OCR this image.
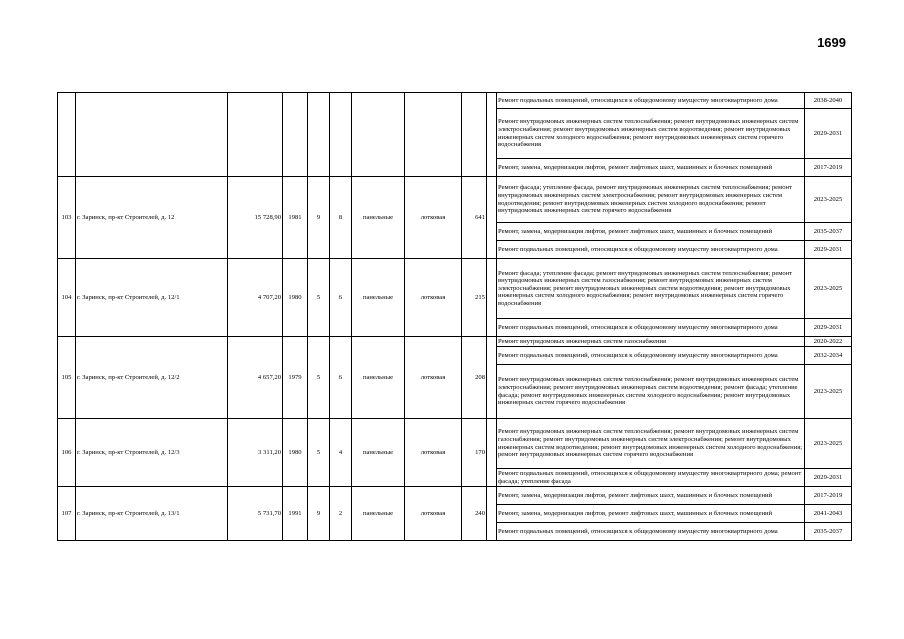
1699
										Ремонт подвальных помещений, относящихся к общедомовому имуществу многоквартирного дома	2038-2040
										Ремонт внутридомовых инженерных систем теплоснабжения; ремонт внутридомовых инженерных систем электроснабжения; ремонт внутридомовых инженерных систем водоотведения; ремонт внутридомовых инженерных систем холодного водоснабжения; ремонт внутридомовых инженерных систем горячего водоснабжения	2029-2031
										Ремонт, замена, модернизация лифтов, ремонт лифтовых шахт, машинных и блочных помещений	2017-2019
103	г. Заринск, пр-кт Строителей, д. 12	15 728,90	1981	9	8	панельные	лотковая	641		Ремонт фасада; утепление фасада, ремонт внутридомовых инженерных систем теплоснабжения; ремонт внутридомовых инженерных систем электроснабжения; ремонт внутридомовых инженерных систем водоотведения; ремонт внутридомовых инженерных систем холодного водоснабжения; ремонт внутридомовых инженерных систем горячего водоснабжения	2023-2025
										Ремонт, замена, модернизация лифтов, ремонт лифтовых шахт, машинных и блочных помещений	2035-2037
										Ремонт подвальных помещений, относящихся к общедомовому имуществу многоквартирного дома	2029-2031
104	г. Заринск, пр-кт Строителей, д. 12/1	4 707,20	1980	5	6	панельные	лотковая	215		Ремонт фасада; утепление фасада; ремонт внутридомовых инженерных систем теплоснабжения; ремонт внутридомовых инженерных систем газоснабжения; ремонт внутридомовых инженерных систем электроснабжения; ремонт внутридомовых инженерных систем водоотведения; ремонт внутридомовых инженерных систем холодного водоснабжения; ремонт внутридомовых инженерных систем горячего водоснабжения	2023-2025
										Ремонт подвальных помещений, относящихся к общедомовому имуществу многоквартирного дома	2029-2031
105	г. Заринск, пр-кт Строителей, д. 12/2	4 657,20	1979	5	6	панельные	лотковая	208		Ремонт внутридомовых инженерных систем газоснабжения	2020-2022
										Ремонт подвальных помещений, относящихся к общедомовому имуществу многоквартирного дома	2032-2034
										Ремонт внутридомовых инженерных систем теплоснабжения; ремонт внутридомовых инженерных систем электроснабжения; ремонт внутридомовых инженерных систем водоотведения; ремонт фасада; утепление фасада; ремонт внутридомовых инженерных систем холодного водоснабжения; ремонт внутридомовых инженерных систем горячего водоснабжения	2023-2025
106	г. Заринск, пр-кт Строителей, д. 12/3	3 311,20	1980	5	4	панельные	лотковая	170		Ремонт внутридомовых инженерных систем теплоснабжения; ремонт внутридомовых инженерных систем газоснабжения; ремонт внутридомовых инженерных систем электроснабжения; ремонт внутридомовых инженерных систем водоотведения; ремонт внутридомовых инженерных систем холодного водоснабжения; ремонт внутридомовых инженерных систем горячего водоснабжения	2023-2025
										Ремонт подвальных помещений, относящихся к общедомовому имуществу многоквартирного дома; ремонт фасада; утепление фасада	2029-2031
107	г. Заринск, пр-кт Строителей, д. 13/1	5 731,70	1991	9	2	панельные	лотковая	240		Ремонт, замена, модернизация лифтов, ремонт лифтовых шахт, машинных и блочных помещений	2017-2019
										Ремонт, замена, модернизация лифтов, ремонт лифтовых шахт, машинных и блочных помещений	2041-2043
										Ремонт подвальных помещений, относящихся к общедомовому имуществу многоквартирного дома	2035-2037
